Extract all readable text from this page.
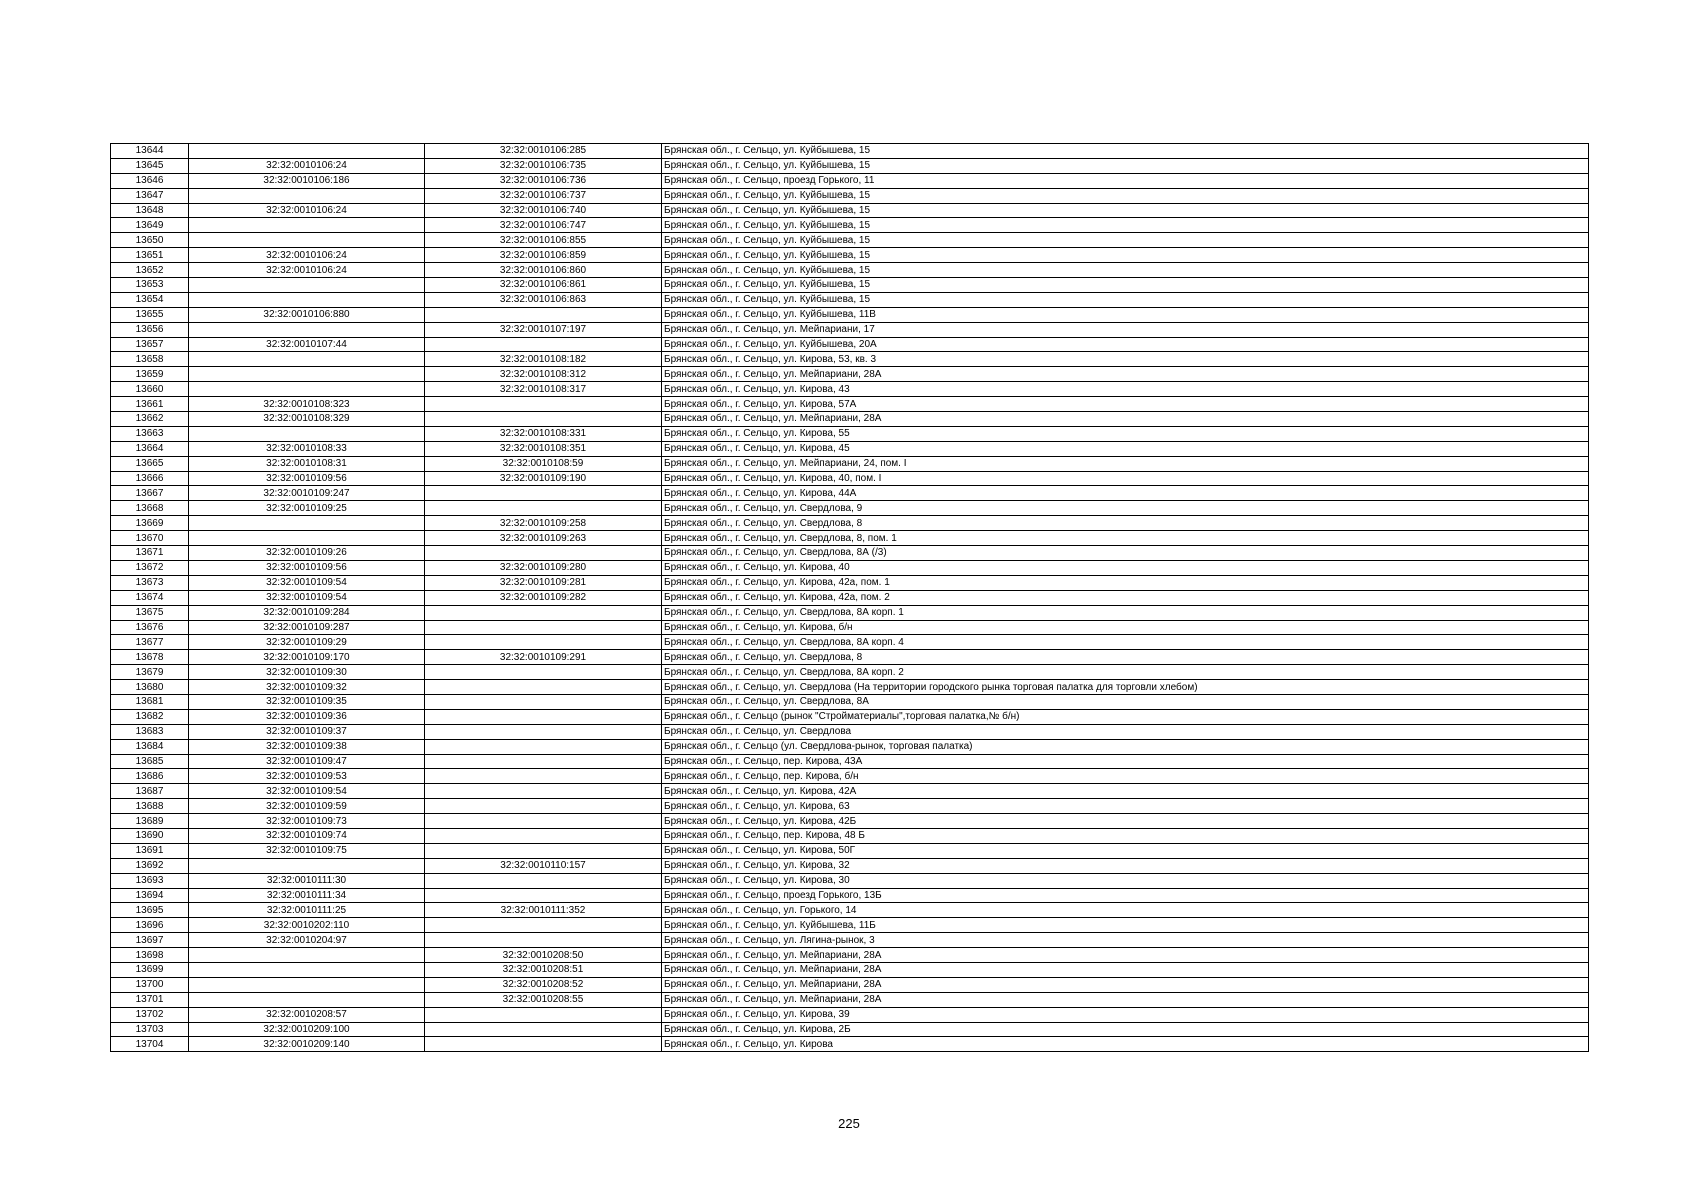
13644		32:32:0010106:285	Брянская обл., г. Сельцо, ул. Куйбышева, 15
13645	32:32:0010106:24	32:32:0010106:735	Брянская обл., г. Сельцо, ул. Куйбышева, 15
13646	32:32:0010106:186	32:32:0010106:736	Брянская обл., г. Сельцо, проезд Горького, 11
13647		32:32:0010106:737	Брянская обл., г. Сельцо, ул. Куйбышева, 15
13648	32:32:0010106:24	32:32:0010106:740	Брянская обл., г. Сельцо, ул. Куйбышева, 15
13649		32:32:0010106:747	Брянская обл., г. Сельцо, ул. Куйбышева, 15
13650		32:32:0010106:855	Брянская обл., г. Сельцо, ул. Куйбышева, 15
13651	32:32:0010106:24	32:32:0010106:859	Брянская обл., г. Сельцо, ул. Куйбышева, 15
13652	32:32:0010106:24	32:32:0010106:860	Брянская обл., г. Сельцо, ул. Куйбышева, 15
13653		32:32:0010106:861	Брянская обл., г. Сельцо, ул. Куйбышева, 15
13654		32:32:0010106:863	Брянская обл., г. Сельцо, ул. Куйбышева, 15
13655	32:32:0010106:880		Брянская обл., г. Сельцо, ул. Куйбышева, 11В
13656		32:32:0010107:197	Брянская обл., г. Сельцо, ул. Мейпариани, 17
13657	32:32:0010107:44		Брянская обл., г. Сельцо, ул. Куйбышева, 20А
13658		32:32:0010108:182	Брянская обл., г. Сельцо, ул. Кирова, 53, кв. 3
13659		32:32:0010108:312	Брянская обл., г. Сельцо, ул. Мейпариани, 28А
13660		32:32:0010108:317	Брянская обл., г. Сельцо, ул. Кирова, 43
13661	32:32:0010108:323		Брянская обл., г. Сельцо, ул. Кирова, 57А
13662	32:32:0010108:329		Брянская обл., г. Сельцо, ул. Мейпариани, 28А
13663		32:32:0010108:331	Брянская обл., г. Сельцо, ул. Кирова, 55
13664	32:32:0010108:33	32:32:0010108:351	Брянская обл., г. Сельцо, ул. Кирова, 45
13665	32:32:0010108:31	32:32:0010108:59	Брянская обл., г. Сельцо, ул. Мейпариани, 24, пом. I
13666	32:32:0010109:56	32:32:0010109:190	Брянская обл., г. Сельцо, ул. Кирова, 40, пом. I
13667	32:32:0010109:247		Брянская обл., г. Сельцо, ул. Кирова, 44А
13668	32:32:0010109:25		Брянская обл., г. Сельцо, ул. Свердлова, 9
13669		32:32:0010109:258	Брянская обл., г. Сельцо, ул. Свердлова, 8
13670		32:32:0010109:263	Брянская обл., г. Сельцо, ул. Свердлова, 8, пом. 1
13671	32:32:0010109:26		Брянская обл., г. Сельцо, ул. Свердлова, 8А (/3)
13672	32:32:0010109:56	32:32:0010109:280	Брянская обл., г. Сельцо, ул. Кирова, 40
13673	32:32:0010109:54	32:32:0010109:281	Брянская обл., г. Сельцо, ул. Кирова, 42а, пом. 1
13674	32:32:0010109:54	32:32:0010109:282	Брянская обл., г. Сельцо, ул. Кирова, 42а, пом. 2
13675	32:32:0010109:284		Брянская обл., г. Сельцо, ул. Свердлова, 8А корп. 1
13676	32:32:0010109:287		Брянская обл., г. Сельцо, ул. Кирова, б/н
13677	32:32:0010109:29		Брянская обл., г. Сельцо, ул. Свердлова, 8А корп. 4
13678	32:32:0010109:170	32:32:0010109:291	Брянская обл., г. Сельцо, ул. Свердлова, 8
13679	32:32:0010109:30		Брянская обл., г. Сельцо, ул. Свердлова, 8А корп. 2
13680	32:32:0010109:32		Брянская обл., г. Сельцо, ул. Свердлова (На территории городского рынка торговая палатка для торговли хлебом)
13681	32:32:0010109:35		Брянская обл., г. Сельцо, ул. Свердлова, 8А
13682	32:32:0010109:36		Брянская обл., г. Сельцо (рынок "Стройматериалы",торговая палатка,№ б/н)
13683	32:32:0010109:37		Брянская обл., г. Сельцо, ул. Свердлова
13684	32:32:0010109:38		Брянская обл., г. Сельцо (ул. Свердлова-рынок, торговая палатка)
13685	32:32:0010109:47		Брянская обл., г. Сельцо, пер. Кирова, 43А
13686	32:32:0010109:53		Брянская обл., г. Сельцо, пер. Кирова, б/н
13687	32:32:0010109:54		Брянская обл., г. Сельцо, ул. Кирова, 42А
13688	32:32:0010109:59		Брянская обл., г. Сельцо, ул. Кирова, 63
13689	32:32:0010109:73		Брянская обл., г. Сельцо, ул. Кирова, 42Б
13690	32:32:0010109:74		Брянская обл., г. Сельцо, пер. Кирова, 48 Б
13691	32:32:0010109:75		Брянская обл., г. Сельцо, ул. Кирова, 50Г
13692		32:32:0010110:157	Брянская обл., г. Сельцо, ул. Кирова, 32
13693	32:32:0010111:30		Брянская обл., г. Сельцо, ул. Кирова, 30
13694	32:32:0010111:34		Брянская обл., г. Сельцо, проезд Горького, 13Б
13695	32:32:0010111:25	32:32:0010111:352	Брянская обл., г. Сельцо, ул. Горького, 14
13696	32:32:0010202:110		Брянская обл., г. Сельцо, ул. Куйбышева, 11Б
13697	32:32:0010204:97		Брянская обл., г. Сельцо, ул. Лягина-рынок, 3
13698		32:32:0010208:50	Брянская обл., г. Сельцо, ул. Мейпариани, 28А
13699		32:32:0010208:51	Брянская обл., г. Сельцо, ул. Мейпариани, 28А
13700		32:32:0010208:52	Брянская обл., г. Сельцо, ул. Мейпариани, 28А
13701		32:32:0010208:55	Брянская обл., г. Сельцо, ул. Мейпариани, 28А
13702	32:32:0010208:57		Брянская обл., г. Сельцо, ул. Кирова, 39
13703	32:32:0010209:100		Брянская обл., г. Сельцо, ул. Кирова, 2Б
13704	32:32:0010209:140		Брянская обл., г. Сельцо, ул. Кирова
225
